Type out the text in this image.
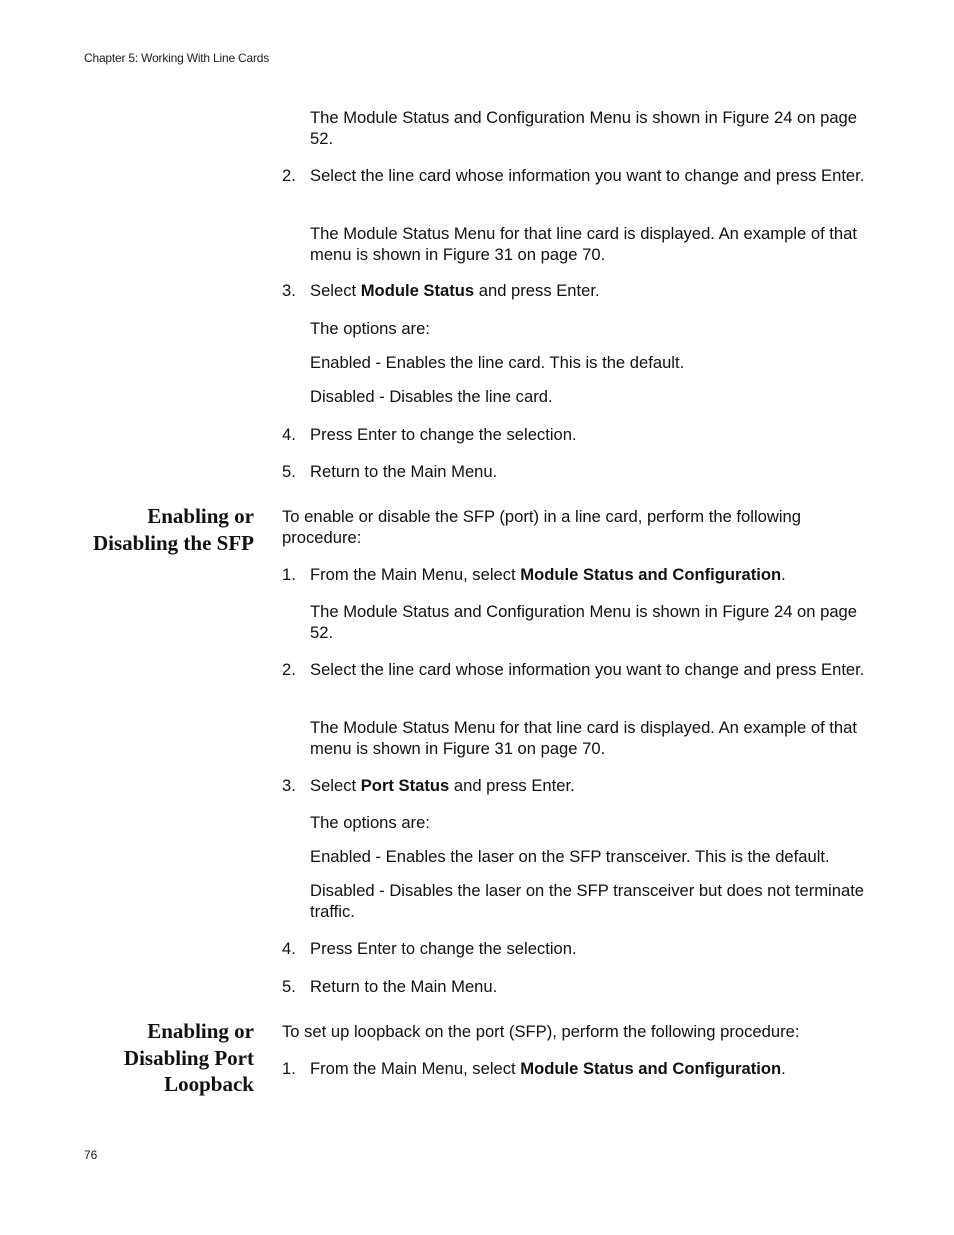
Chapter 5: Working With Line Cards
The Module Status and Configuration Menu is shown in Figure 24 on page 52.
2. Select the line card whose information you want to change and press Enter.
The Module Status Menu for that line card is displayed. An example of that menu is shown in Figure 31 on page 70.
3. Select Module Status and press Enter.
The options are:
Enabled - Enables the line card. This is the default.
Disabled - Disables the line card.
4. Press Enter to change the selection.
5. Return to the Main Menu.
Enabling or
Disabling the SFP
To enable or disable the SFP (port) in a line card, perform the following procedure:
1. From the Main Menu, select Module Status and Configuration.
The Module Status and Configuration Menu is shown in Figure 24 on page 52.
2. Select the line card whose information you want to change and press Enter.
The Module Status Menu for that line card is displayed. An example of that menu is shown in Figure 31 on page 70.
3. Select Port Status and press Enter.
The options are:
Enabled - Enables the laser on the SFP transceiver. This is the default.
Disabled - Disables the laser on the SFP transceiver but does not terminate traffic.
4. Press Enter to change the selection.
5. Return to the Main Menu.
Enabling or
Disabling Port
Loopback
To set up loopback on the port (SFP), perform the following procedure:
1. From the Main Menu, select Module Status and Configuration.
76
